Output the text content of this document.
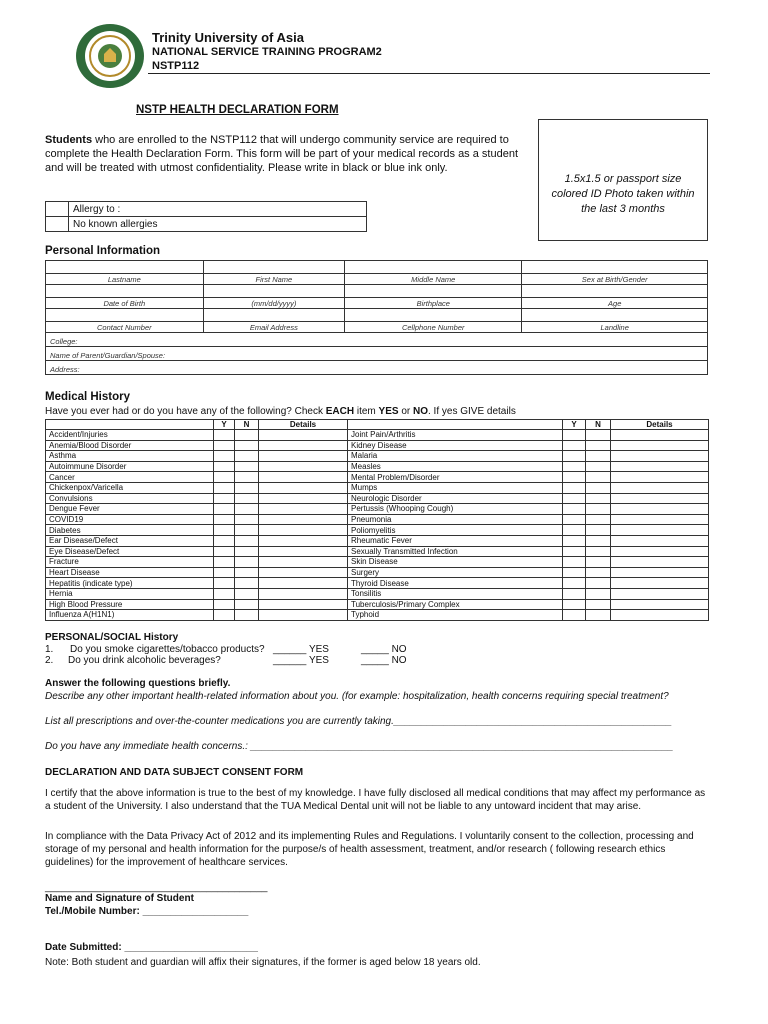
Trinity University of Asia
NATIONAL SERVICE TRAINING PROGRAM2
NSTP112
NSTP HEALTH DECLARATION FORM
Students who are enrolled to the NSTP112 that will undergo community service are required to complete the Health Declaration Form. This form will be part of your medical records as a student and will be treated with utmost confidentiality. Please write in black or blue ink only.
1.5x1.5 or passport size colored ID Photo taken within the last 3 months
	Allergy to :
	No known allergies
Personal Information

Lastname	First Name	Middle Name	Sex at Birth/Gender

Date of Birth	(mm/dd/yyyy)	Birthplace	Age

Contact Number	Email Address	Cellphone Number	Landline
College:			
Name of Parent/Guardian/Spouse:			
Address:			
Medical History
Have you ever had or do you have any of the following? Check EACH item YES or NO. If yes GIVE details
	Y	N	Details		Y	N	Details
Accident/Injuries				Joint Pain/Arthritis			
Anemia/Blood Disorder				Kidney Disease			
Asthma				Malaria			
Autoimmune Disorder				Measles			
Cancer				Mental Problem/Disorder			
Chickenpox/Varicella				Mumps			
Convulsions				Neurologic Disorder			
Dengue Fever				Pertussis (Whooping Cough)			
COVID19				Pneumonia			
Diabetes				Poliomyelitis			
Ear Disease/Defect				Rheumatic Fever			
Eye Disease/Defect				Sexually Transmitted Infection			
Fracture				Skin Disease			
Heart Disease				Surgery			
Hepatitis (indicate type)				Thyroid Disease			
Hernia				Tonsilitis			
High Blood Pressure				Tuberculosis/Primary Complex			
Influenza A(H1N1)				Typhoid			
PERSONAL/SOCIAL History
1. Do you smoke cigarettes/tobacco products? ______ YES	_____ NO
2. Do you drink alcoholic beverages?	______ YES	_____ NO
Answer the following questions briefly.
Describe any other important health-related information about you. (for example: hospitalization, health concerns requiring special treatment?
List all prescriptions and over-the-counter medications you are currently taking.__________________________________________________
Do you have any immediate health concerns.: ____________________________________________________________________________
DECLARATION AND DATA SUBJECT CONSENT FORM
I certify that the above information is true to the best of my knowledge. I have fully disclosed all medical conditions that may affect my performance as a student of the University. I also understand that the TUA Medical Dental unit will not be liable to any untoward incident that may arise.
In compliance with the Data Privacy Act of 2012 and its implementing Rules and Regulations. I voluntarily consent to the collection, processing and storage of my personal and health information for the purpose/s of health assessment, treatment, and/or research ( following research ethics guidelines) for the improvement of healthcare services.
________________________________________
Name and Signature of Student
Tel./Mobile Number: ___________________
Date Submitted: ________________________
Note: Both student and guardian will affix their signatures, if the former is aged below 18 years old.
